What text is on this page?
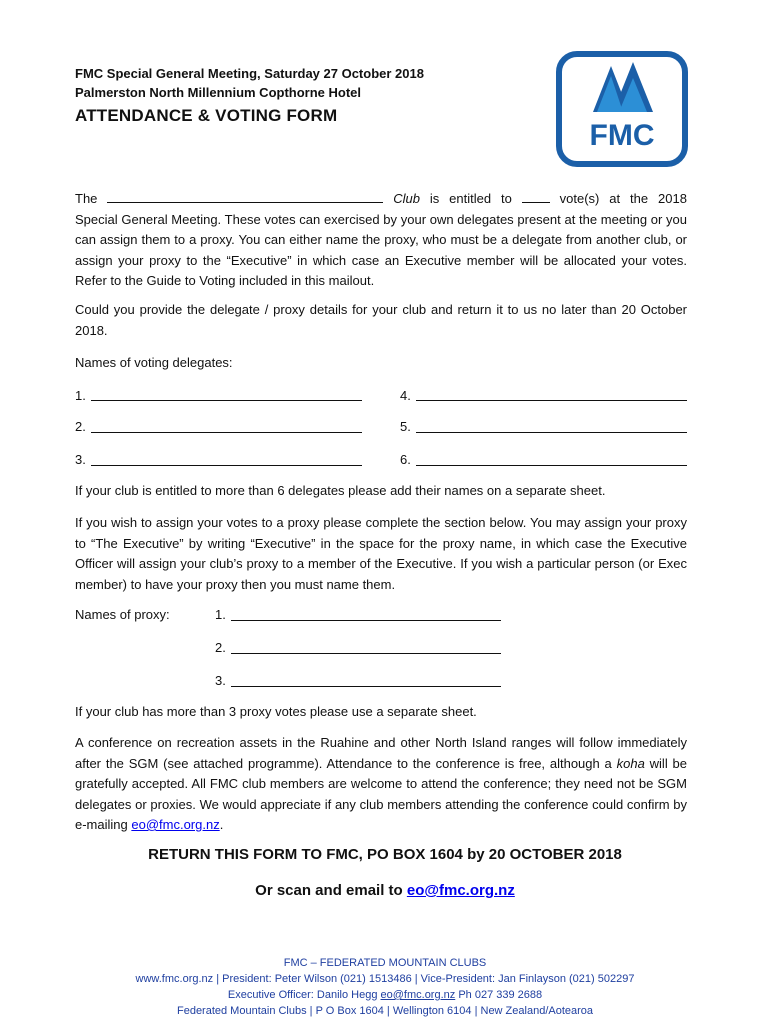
FMC Special General Meeting, Saturday 27 October 2018
Palmerston North Millennium Copthorne Hotel
ATTENDANCE & VOTING FORM
FMC

The	Club is entitled to	vote(s) at the 2018

Special General Meeting. These votes can exercised by your own delegates present at the meeting or you can assign them to a proxy. You can either name the proxy, who must be a delegate from another club, or assign your proxy to the “Executive” in which case an Executive member will be allocated your votes. Refer to the Guide to Voting included in this mailout.

Could you provide the delegate / proxy details for your club and return it to us no later than 20 October 2018.
Names of voting delegates:
1.
2.
3.
4.
5.
6.
If your club is entitled to more than 6 delegates please add their names on a separate sheet.
If you wish to assign your votes to a proxy please complete the section below. You may assign your proxy to “The Executive” by writing “Executive” in the space for the proxy name, in which case the Executive Officer will assign your club’s proxy to a member of the Executive. If you wish a particular person (or Exec member) to have your proxy then you must name them.
Names of proxy:	1.
2.
3.
If your club has more than 3 proxy votes please use a separate sheet.
A conference on recreation assets in the Ruahine and other North Island ranges will follow immediately after the SGM (see attached programme). Attendance to the conference is free, although a koha will be gratefully accepted. All FMC club members are welcome to attend the conference; they need not be SGM delegates or proxies. We would appreciate if any club members attending the conference could confirm by e-mailing eo@fmc.org.nz.
RETURN THIS FORM TO FMC, PO BOX 1604 by 20 OCTOBER 2018
Or scan and email to eo@fmc.org.nz
FMC – FEDERATED MOUNTAIN CLUBS
www.fmc.org.nz | President: Peter Wilson (021) 1513486 | Vice-President: Jan Finlayson (021) 502297
Executive Officer: Danilo Hegg eo@fmc.org.nz Ph 027 339 2688
Federated Mountain Clubs | P O Box 1604 | Wellington 6104 | New Zealand/Aotearoa
